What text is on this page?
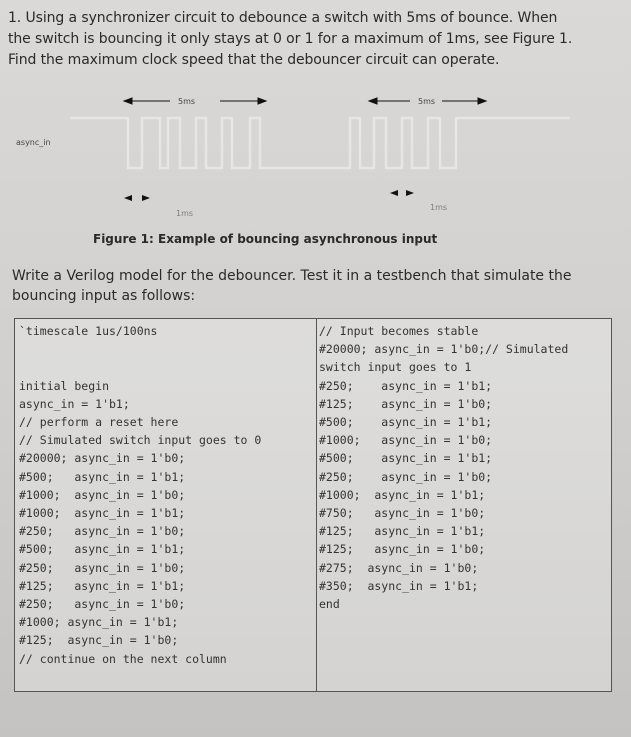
1. Using a synchronizer circuit to debounce a switch with 5ms of bounce. When
the switch is bouncing it only stays at 0 or 1 for a maximum of 1ms, see Figure 1.
Find the maximum clock speed that the debouncer circuit can operate.
async_in
5ms	5ms
1ms
1ms
Figure 1: Example of bouncing asynchronous input
Write a Verilog model for the debouncer. Test it in a testbench that simulate the
bouncing input as follows:
`timescale 1us/100ns
initial begin
async_in = 1'b1;
// perform a reset here
// Simulated switch input goes to 0
#20000; async_in = 1'b0;
#500;   async_in = 1'b1;
#1000;  async_in = 1'b0;
#1000;  async_in = 1'b1;
#250;   async_in = 1'b0;
#500;   async_in = 1'b1;
#250;   async_in = 1'b0;
#125;   async_in = 1'b1;
#250;   async_in = 1'b0;
#1000; async_in = 1'b1;
#125;  async_in = 1'b0;
// continue on the next column
// Input becomes stable
#20000; async_in = 1'b0;// Simulated
switch input goes to 1
#250;    async_in = 1'b1;
#125;    async_in = 1'b0;
#500;    async_in = 1'b1;
#1000;   async_in = 1'b0;
#500;    async_in = 1'b1;
#250;    async_in = 1'b0;
#1000;  async_in = 1'b1;
#750;   async_in = 1'b0;
#125;   async_in = 1'b1;
#125;   async_in = 1'b0;
#275;  async_in = 1'b0;
#350;  async_in = 1'b1;
end
